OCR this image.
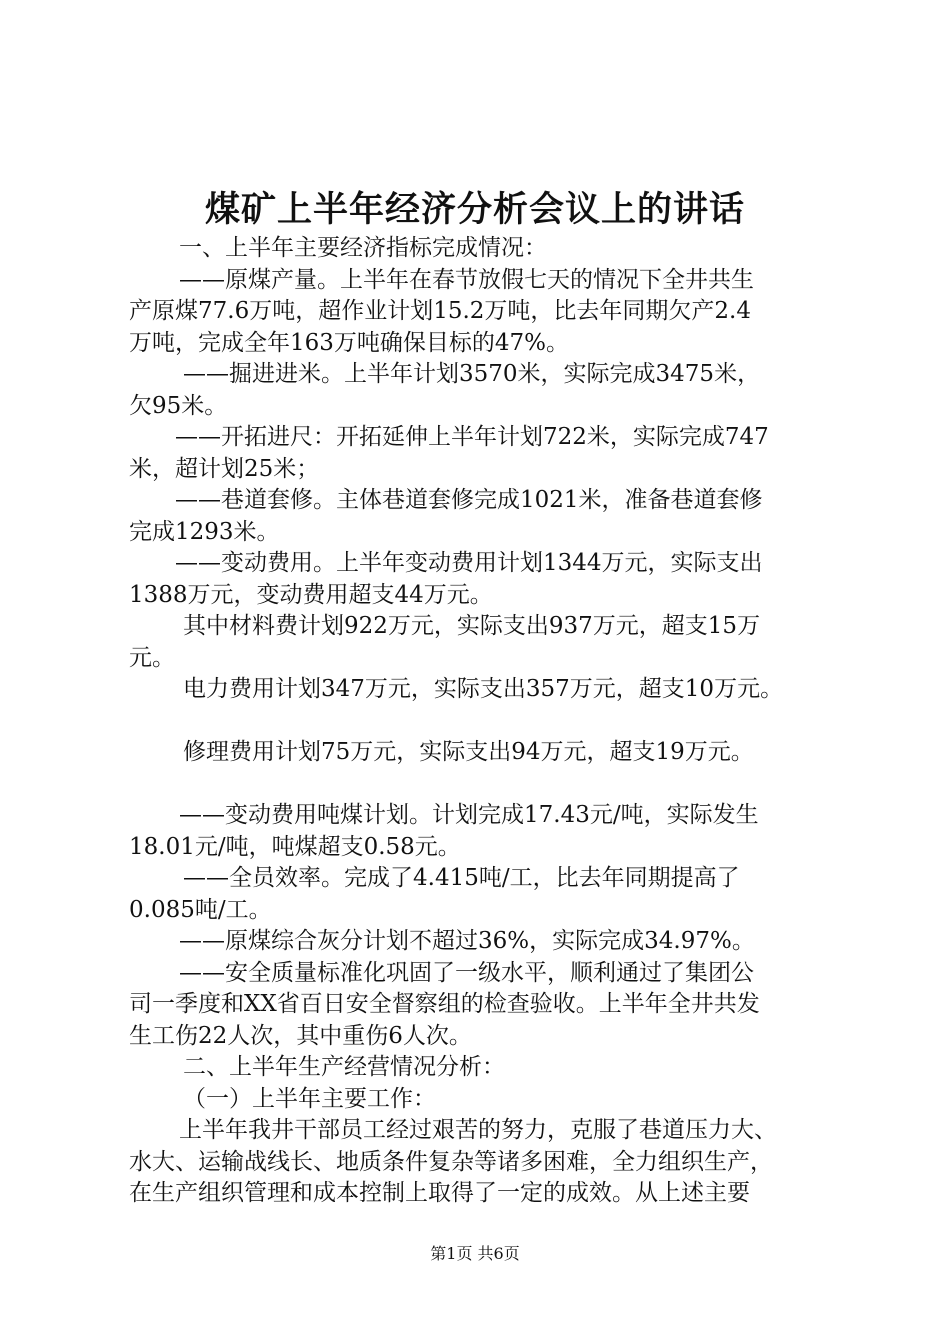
煤矿上半年经济分析会议上的讲话
一、上半年主要经济指标完成情况：
——原煤产量。上半年在春节放假七天的情况下全井共生
产原煤77.6万吨，超作业计划15.2万吨，比去年同期欠产2.4
万吨，完成全年163万吨确保目标的47%。
——掘进进米。上半年计划3570米，实际完成3475米，
欠95米。
——开拓进尺：开拓延伸上半年计划722米，实际完成747
米，超计划25米；
——巷道套修。主体巷道套修完成1021米，准备巷道套修
完成1293米。
——变动费用。上半年变动费用计划1344万元，实际支出
1388万元，变动费用超支44万元。
其中材料费计划922万元，实际支出937万元，超支15万
元。
电力费用计划347万元，实际支出357万元，超支10万元。
修理费用计划75万元，实际支出94万元，超支19万元。
——变动费用吨煤计划。计划完成17.43元/吨，实际发生
18.01元/吨，吨煤超支0.58元。
——全员效率。完成了4.415吨/工，比去年同期提高了
0.085吨/工。
——原煤综合灰分计划不超过36%，实际完成34.97%。
——安全质量标准化巩固了一级水平，顺利通过了集团公
司一季度和XX省百日安全督察组的检查验收。上半年全井共发
生工伤22人次，其中重伤6人次。
二、上半年生产经营情况分析：
（一）上半年主要工作：
上半年我井干部员工经过艰苦的努力，克服了巷道压力大、
水大、运输战线长、地质条件复杂等诸多困难，全力组织生产，
在生产组织管理和成本控制上取得了一定的成效。从上述主要
第1页 共6页
